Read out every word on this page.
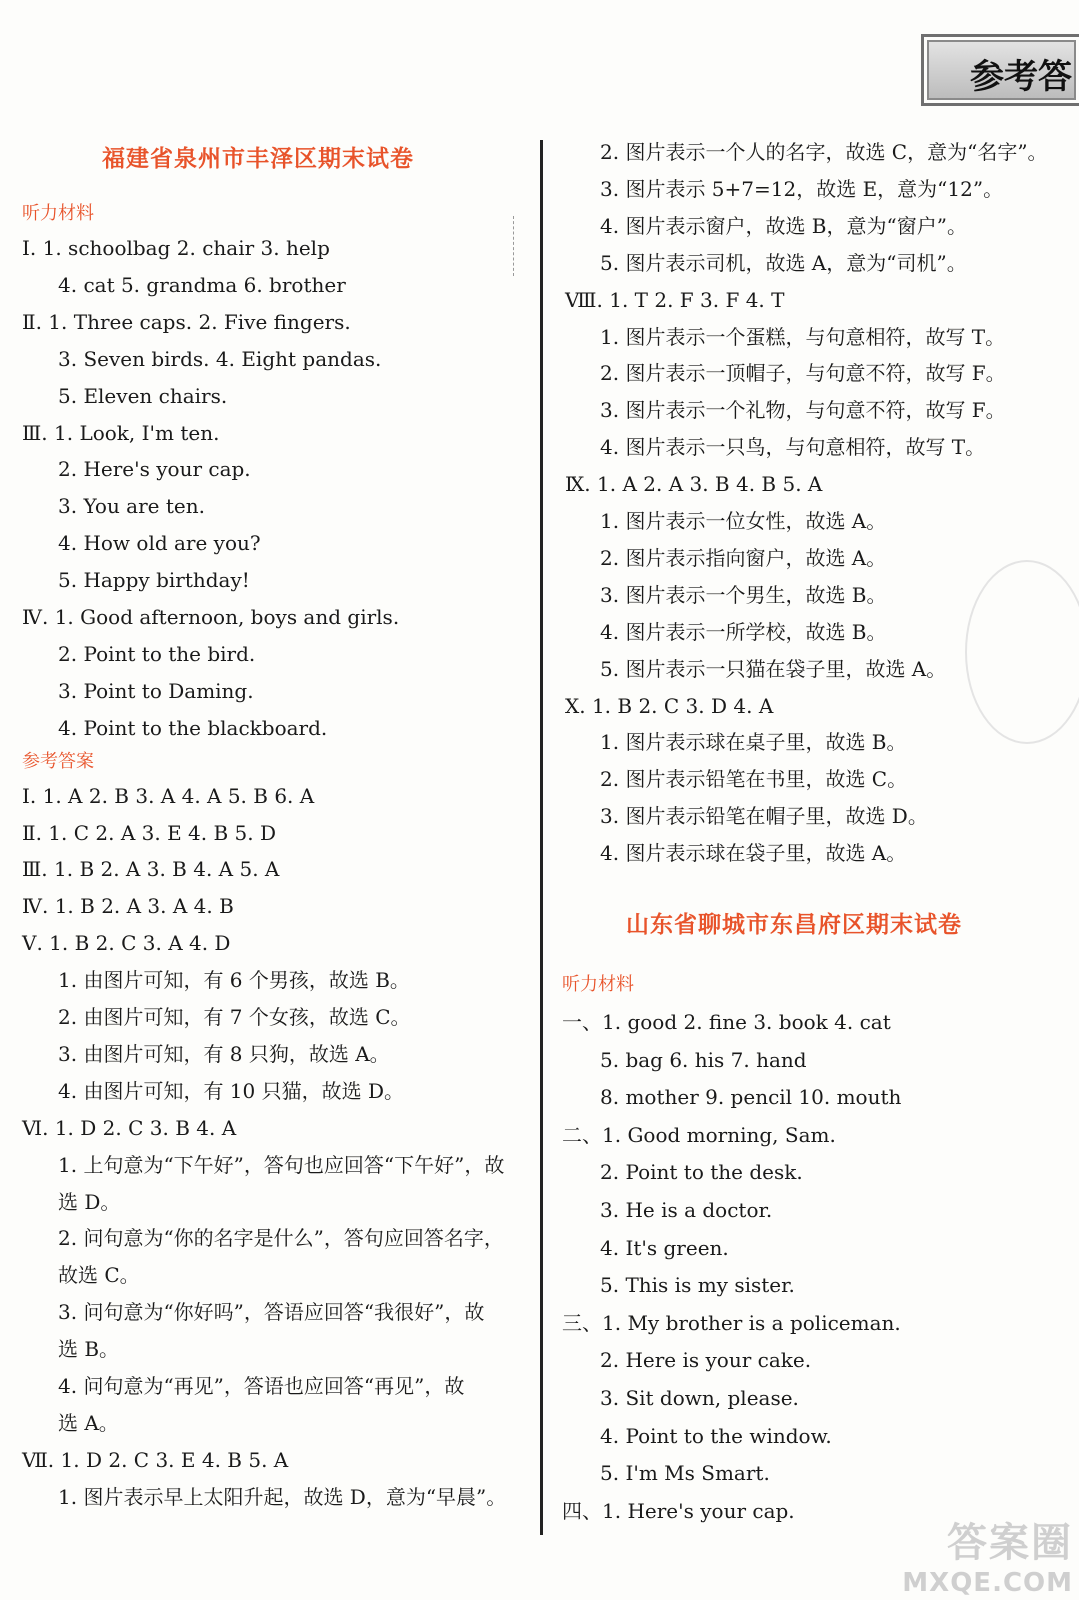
参考答
福建省泉州市丰泽区期末试卷
听力材料
Ⅰ. 1. schoolbag 2. chair 3. help
4. cat 5. grandma 6. brother
Ⅱ. 1. Three caps. 2. Five fingers.
3. Seven birds. 4. Eight pandas.
5. Eleven chairs.
Ⅲ. 1. Look, I'm ten.
2. Here's your cap.
3. You are ten.
4. How old are you?
5. Happy birthday!
Ⅳ. 1. Good afternoon, boys and girls.
2. Point to the bird.
3. Point to Daming.
4. Point to the blackboard.
参考答案
Ⅰ. 1. A 2. B 3. A 4. A 5. B 6. A
Ⅱ. 1. C 2. A 3. E 4. B 5. D
Ⅲ. 1. B 2. A 3. B 4. A 5. A
Ⅳ. 1. B 2. A 3. A 4. B
Ⅴ. 1. B 2. C 3. A 4. D
1. 由图片可知，有 6 个男孩，故选 B。
2. 由图片可知，有 7 个女孩，故选 C。
3. 由图片可知，有 8 只狗，故选 A。
4. 由图片可知，有 10 只猫，故选 D。
Ⅵ. 1. D 2. C 3. B 4. A
1. 上句意为“下午好”，答句也应回答“下午好”，故
选 D。
2. 问句意为“你的名字是什么”，答句应回答名字，
故选 C。
3. 问句意为“你好吗”，答语应回答“我很好”，故
选 B。
4. 问句意为“再见”，答语也应回答“再见”，故
选 A。
Ⅶ. 1. D 2. C 3. E 4. B 5. A
1. 图片表示早上太阳升起，故选 D，意为“早晨”。
2. 图片表示一个人的名字，故选 C，意为“名字”。
3. 图片表示 5+7=12，故选 E，意为“12”。
4. 图片表示窗户，故选 B，意为“窗户”。
5. 图片表示司机，故选 A，意为“司机”。
Ⅷ. 1. T 2. F 3. F 4. T
1. 图片表示一个蛋糕，与句意相符，故写 T。
2. 图片表示一顶帽子，与句意不符，故写 F。
3. 图片表示一个礼物，与句意不符，故写 F。
4. 图片表示一只鸟，与句意相符，故写 T。
Ⅸ. 1. A 2. A 3. B 4. B 5. A
1. 图片表示一位女性，故选 A。
2. 图片表示指向窗户，故选 A。
3. 图片表示一个男生，故选 B。
4. 图片表示一所学校，故选 B。
5. 图片表示一只猫在袋子里，故选 A。
Ⅹ. 1. B 2. C 3. D 4. A
1. 图片表示球在桌子里，故选 B。
2. 图片表示铅笔在书里，故选 C。
3. 图片表示铅笔在帽子里，故选 D。
4. 图片表示球在袋子里，故选 A。
山东省聊城市东昌府区期末试卷
听力材料
一、1. good 2. fine 3. book 4. cat
5. bag 6. his 7. hand
8. mother 9. pencil 10. mouth
二、1. Good morning, Sam.
2. Point to the desk.
3. He is a doctor.
4. It's green.
5. This is my sister.
三、1. My brother is a policeman.
2. Here is your cake.
3. Sit down, please.
4. Point to the window.
5. I'm Ms Smart.
四、1. Here's your cap.
答案圈
MXQE.COM
